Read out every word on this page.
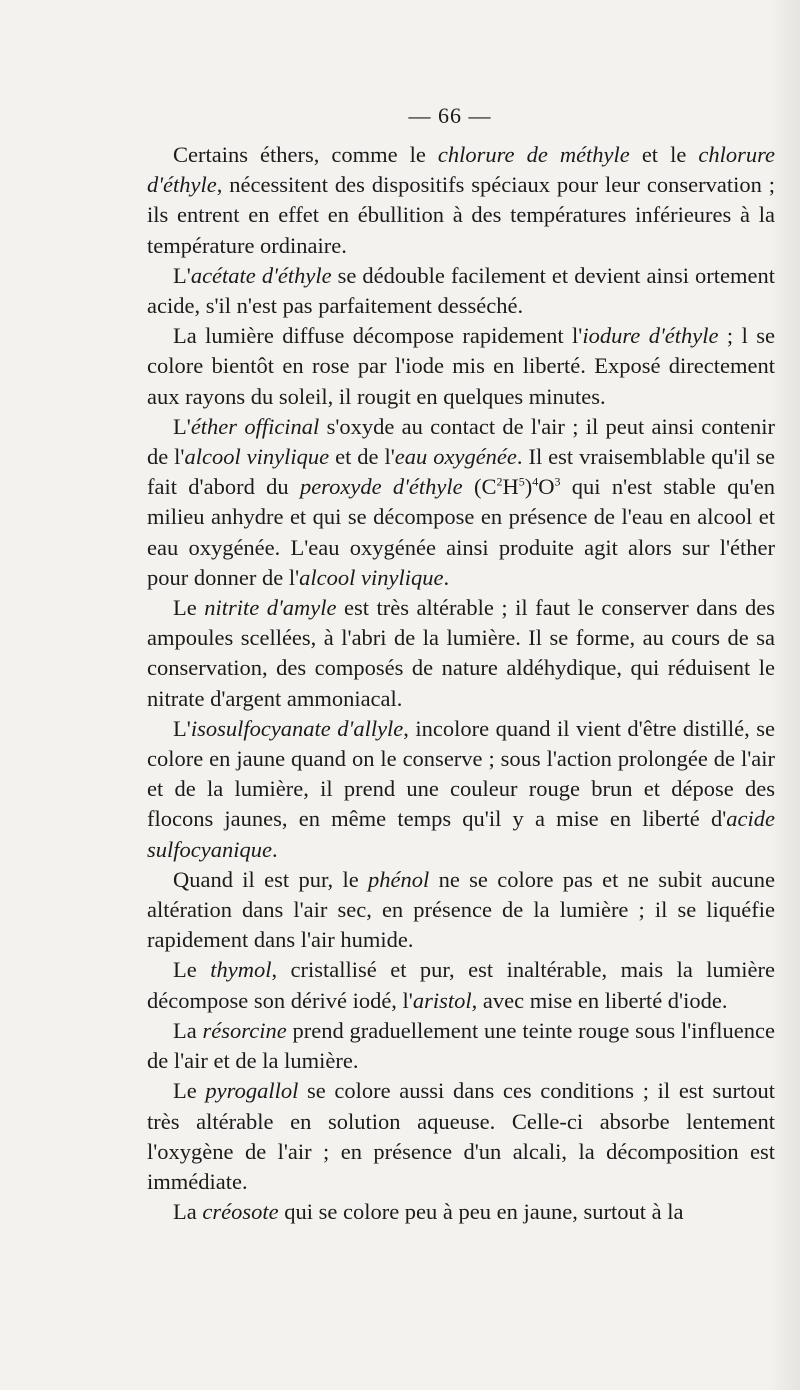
— 66 —

Certains éthers, comme le chlorure de méthyle et le chlorure d'éthyle, nécessitent des dispositifs spéciaux pour leur conservation ; ils entrent en effet en ébullition à des températures inférieures à la température ordinaire.

L'acétate d'éthyle se dédouble facilement et devient ainsi ortement acide, s'il n'est pas parfaitement desséché.

La lumière diffuse décompose rapidement l'iodure d'éthyle ; l se colore bientôt en rose par l'iode mis en liberté. Exposé directement aux rayons du soleil, il rougit en quelques minutes.

L'éther officinal s'oxyde au contact de l'air ; il peut ainsi contenir de l'alcool vinylique et de l'eau oxygénée. Il est vraisemblable qu'il se fait d'abord du peroxyde d'éthyle $(C^2H^5)^4O^3$ qui n'est stable qu'en milieu anhydre et qui se décompose en présence de l'eau en alcool et eau oxygénée. L'eau oxygénée ainsi produite agit alors sur l'éther pour donner de l'alcool vinylique.

Le nitrite d'amyle est très altérable ; il faut le conserver dans des ampoules scellées, à l'abri de la lumière. Il se forme, au cours de sa conservation, des composés de nature aldéhydique, qui réduisent le nitrate d'argent ammoniacal.

L'isosulfocyanate d'allyle, incolore quand il vient d'être distillé, se colore en jaune quand on le conserve ; sous l'action prolongée de l'air et de la lumière, il prend une couleur rouge brun et dépose des flocons jaunes, en même temps qu'il y a mise en liberté d'acide sulfocyanique.

Quand il est pur, le phénol ne se colore pas et ne subit aucune altération dans l'air sec, en présence de la lumière ; il se liquéfie rapidement dans l'air humide.

Le thymol, cristallisé et pur, est inaltérable, mais la lumière décompose son dérivé iodé, l'aristol, avec mise en liberté d'iode.

La résorcine prend graduellement une teinte rouge sous l'influence de l'air et de la lumière.

Le pyrogallol se colore aussi dans ces conditions ; il est surtout très altérable en solution aqueuse. Celle-ci absorbe lentement l'oxygène de l'air ; en présence d'un alcali, la décomposition est immédiate.

La créosote qui se colore peu à peu en jaune, surtout à la
